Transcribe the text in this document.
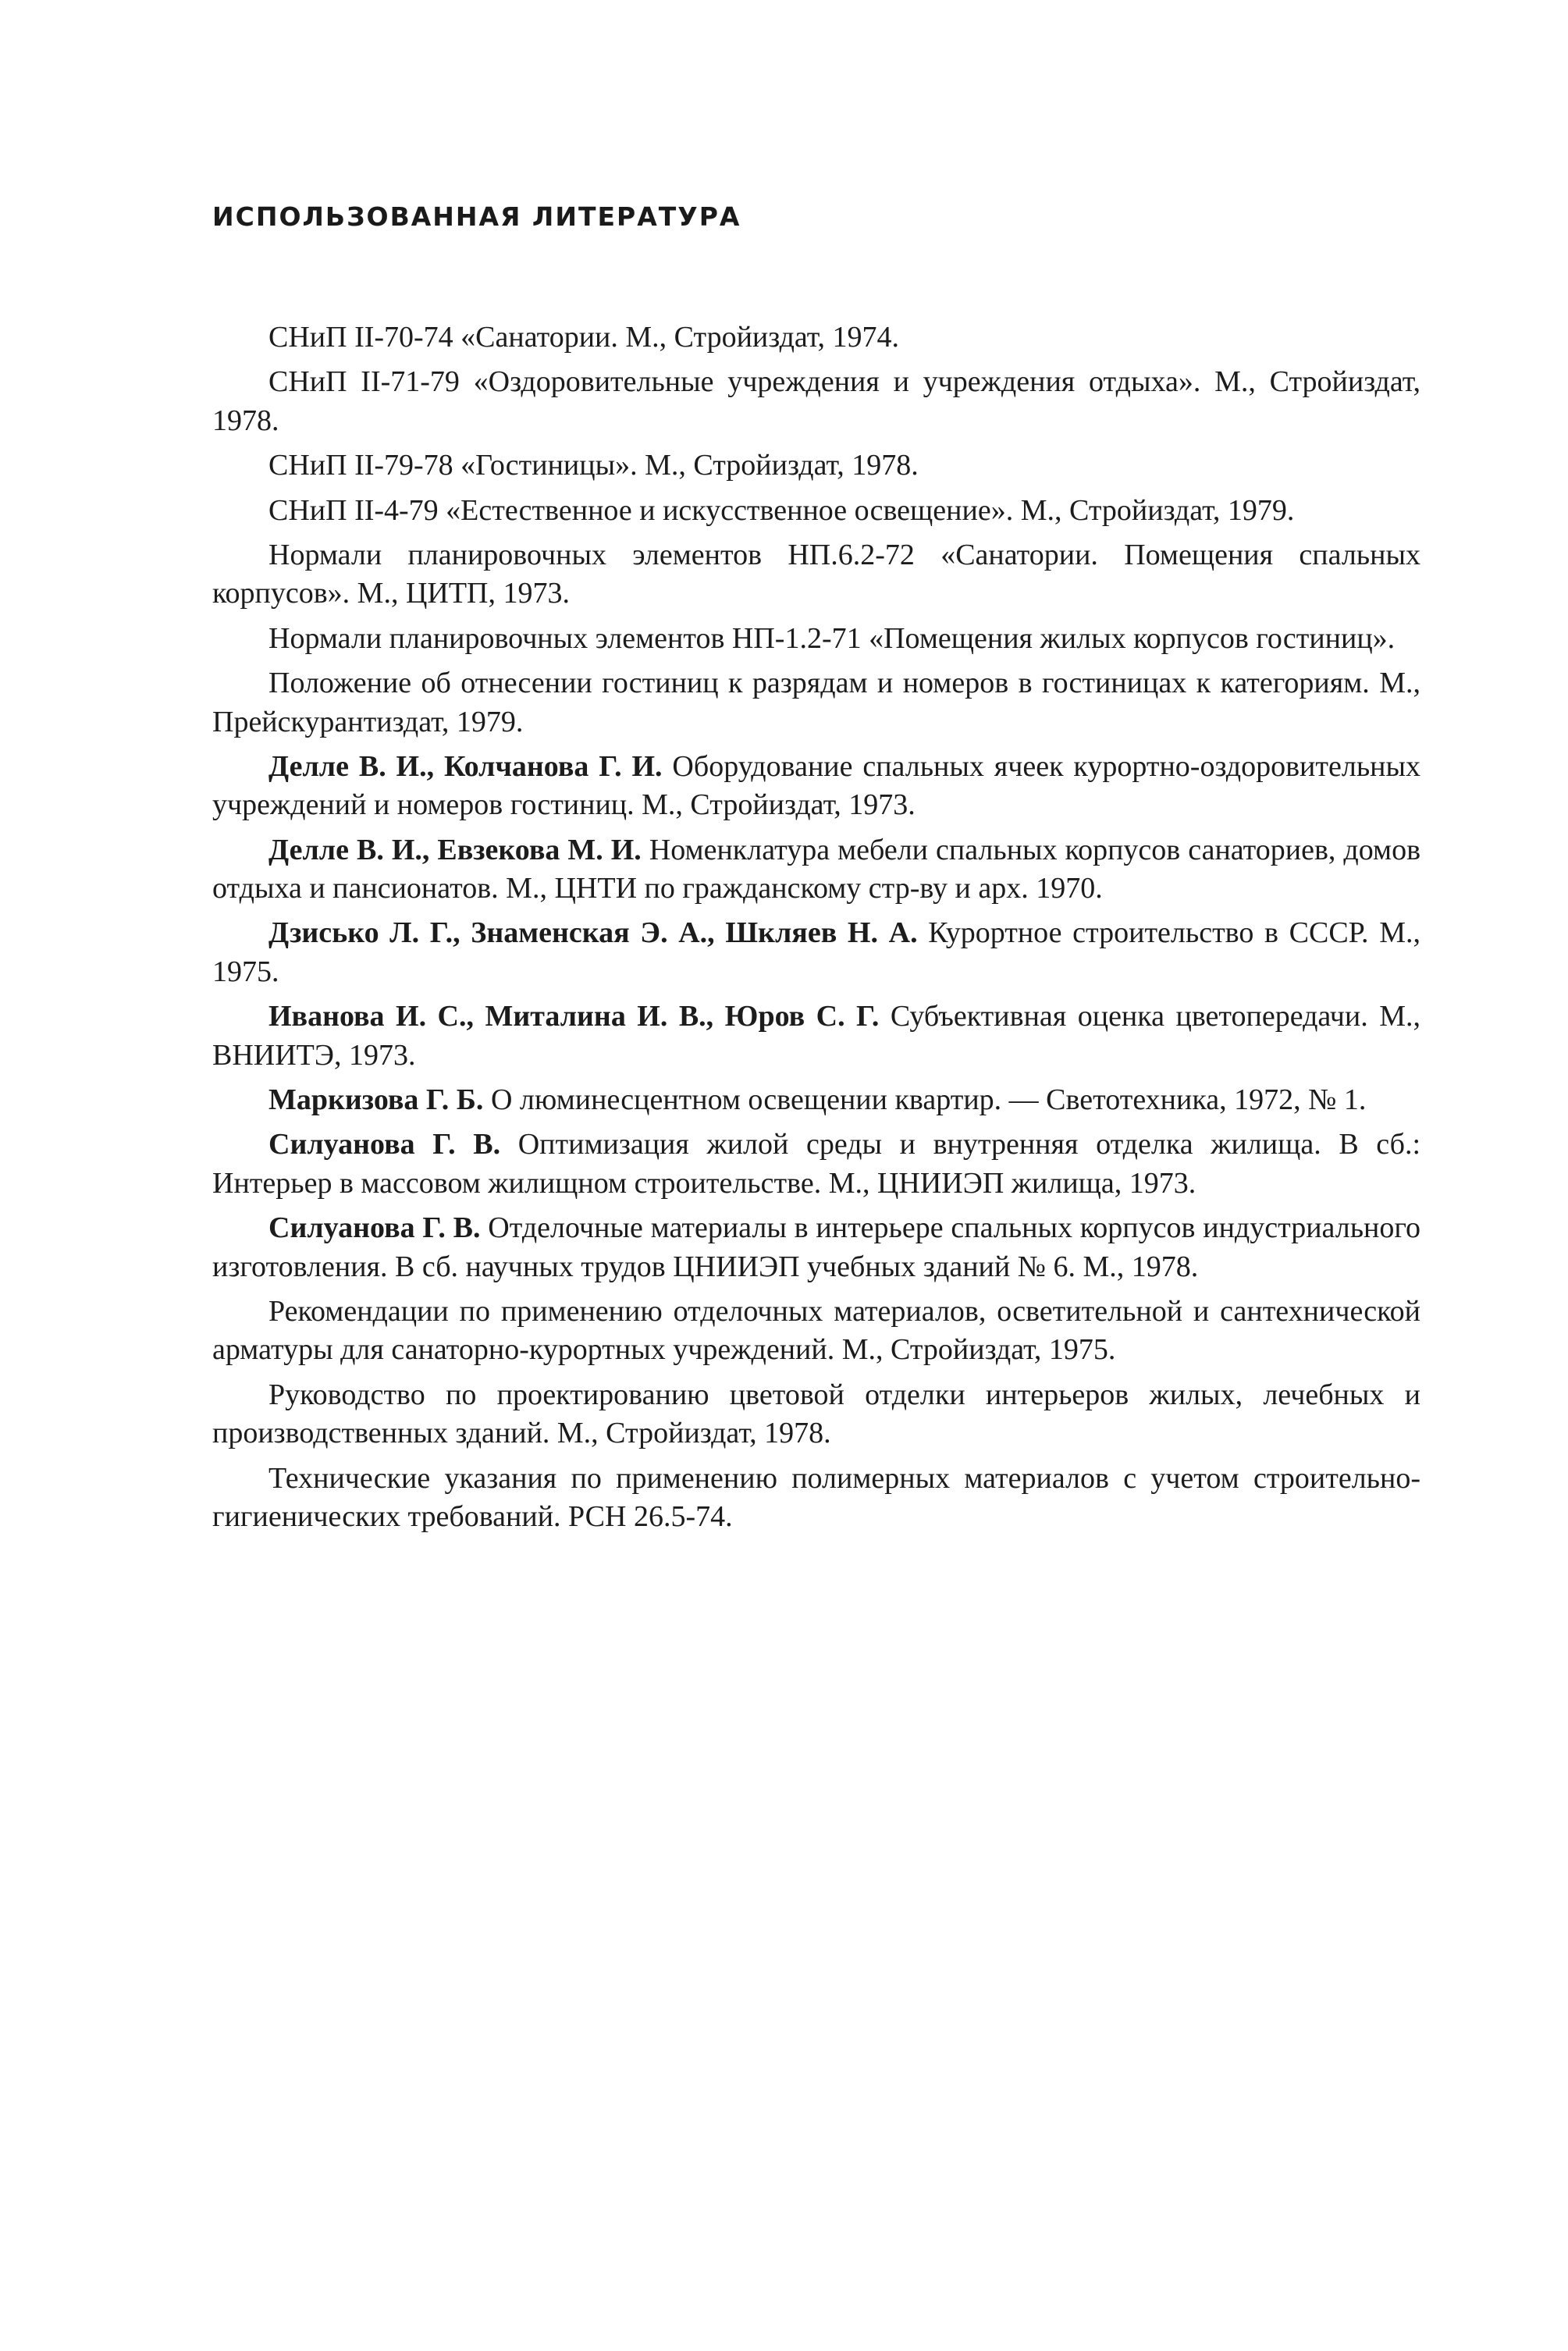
ИСПОЛЬЗОВАННАЯ ЛИТЕРАТУРА
СНиП II-70-74 «Санатории. М., Стройиздат, 1974.
СНиП II-71-79 «Оздоровительные учреждения и учреждения отдыха». М., Стройиздат, 1978.
СНиП II-79-78 «Гостиницы». М., Стройиздат, 1978.
СНиП II-4-79 «Естественное и искусственное освещение». М., Стройиздат, 1979.
Нормали планировочных элементов НП.6.2-72 «Санатории. Помещения спальных корпусов». М., ЦИТП, 1973.
Нормали планировочных элементов НП-1.2-71 «Помещения жилых корпусов гостиниц».
Положение об отнесении гостиниц к разрядам и номеров в гостиницах к категориям. М., Прейскурантиздат, 1979.
Делле В. И., Колчанова Г. И. Оборудование спальных ячеек курортно-оздоровительных учреждений и номеров гостиниц. М., Стройиздат, 1973.
Делле В. И., Евзекова М. И. Номенклатура мебели спальных корпусов санаториев, домов отдыха и пансионатов. М., ЦНТИ по гражданскому стр-ву и арх. 1970.
Дзисько Л. Г., Знаменская Э. А., Шкляев Н. А. Курортное строительство в СССР. М., 1975.
Иванова И. С., Миталина И. В., Юров С. Г. Субъективная оценка цветопередачи. М., ВНИИТЭ, 1973.
Маркизова Г. Б. О люминесцентном освещении квартир. — Светотехника, 1972, № 1.
Силуанова Г. В. Оптимизация жилой среды и внутренняя отделка жилища. В сб.: Интерьер в массовом жилищном строительстве. М., ЦНИИЭП жилища, 1973.
Силуанова Г. В. Отделочные материалы в интерьере спальных корпусов индустриального изготовления. В сб. научных трудов ЦНИИЭП учебных зданий № 6. М., 1978.
Рекомендации по применению отделочных материалов, осветительной и сантехнической арматуры для санаторно-курортных учреждений. М., Стройиздат, 1975.
Руководство по проектированию цветовой отделки интерьеров жилых, лечебных и производственных зданий. М., Стройиздат, 1978.
Технические указания по применению полимерных материалов с учетом строительно-гигиенических требований. РСН 26.5-74.
